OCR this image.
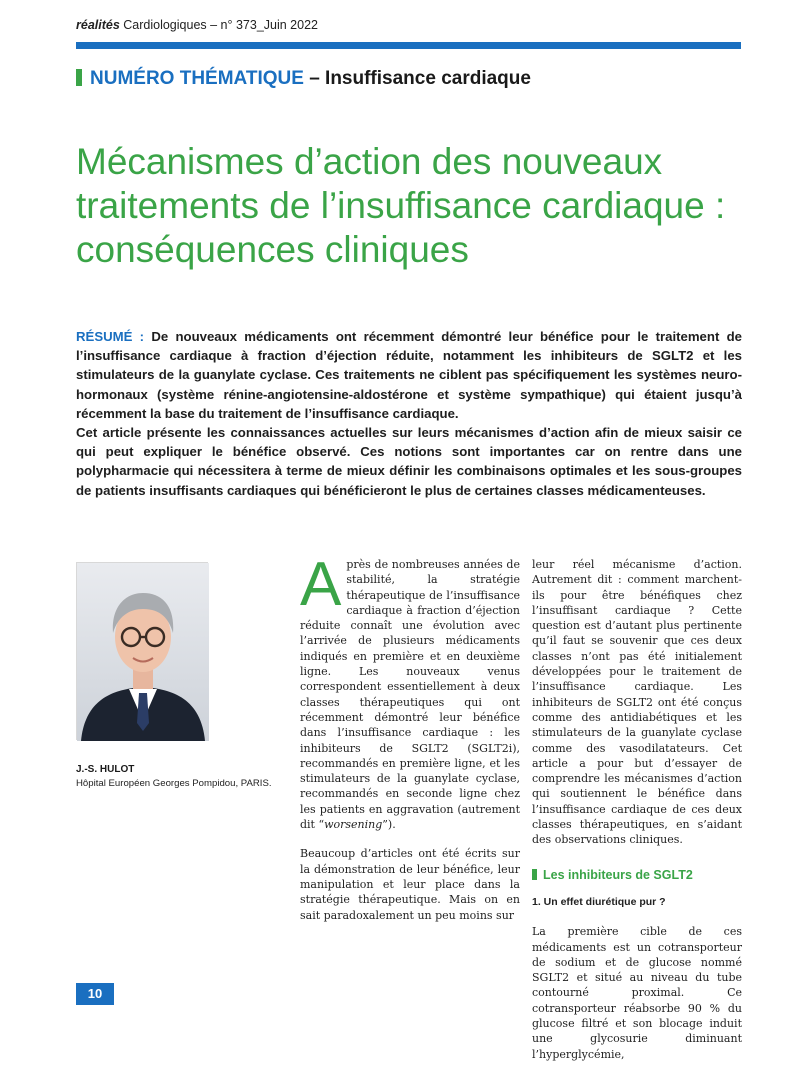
réalités Cardiologiques – n° 373_Juin 2022
NUMÉRO THÉMATIQUE – Insuffisance cardiaque
Mécanismes d’action des nouveaux traitements de l’insuffisance cardiaque : conséquences cliniques

RÉSUMÉ : De nouveaux médicaments ont récemment démontré leur bénéfice pour le traitement de l’insuffisance cardiaque à fraction d’éjection réduite, notamment les inhibiteurs de SGLT2 et les stimulateurs de la guanylate cyclase. Ces traitements ne ciblent pas spécifiquement les systèmes neuro-hormonaux (système rénine-angiotensine-aldostérone et système sympathique) qui étaient jusqu’à récemment la base du traitement de l’insuffisance cardiaque.

Cet article présente les connaissances actuelles sur leurs mécanismes d’action afin de mieux saisir ce qui peut expliquer le bénéfice observé. Ces notions sont importantes car on rentre dans une polypharmacie qui nécessitera à terme de mieux définir les combinaisons optimales et les sous-groupes de patients insuffisants cardiaques qui bénéficieront le plus de certaines classes médicamenteuses.

J.-S. HULOT
Hôpital Européen Georges Pompidou, PARIS.

Après de nombreuses années de stabilité, la stratégie thérapeutique de l’insuffisance cardiaque à fraction d’éjection réduite connaît une évolution avec l’arrivée de plusieurs médicaments indiqués en première et en deuxième ligne. Les nouveaux venus correspondent essentiellement à deux classes thérapeutiques qui ont récemment démontré leur bénéfice dans l’insuffisance cardiaque : les inhibiteurs de SGLT2 (SGLT2i), recommandés en première ligne, et les stimulateurs de la guanylate cyclase, recommandés en seconde ligne chez les patients en aggravation (autrement dit “worsening”).

Beaucoup d’articles ont été écrits sur la démonstration de leur bénéfice, leur manipulation et leur place dans la stratégie thérapeutique. Mais on en sait paradoxalement un peu moins sur

leur réel mécanisme d’action. Autrement dit : comment marchent-ils pour être bénéfiques chez l’insuffisant cardiaque ? Cette question est d’autant plus pertinente qu’il faut se souvenir que ces deux classes n’ont pas été initialement développées pour le traitement de l’insuffisance cardiaque. Les inhibiteurs de SGLT2 ont été conçus comme des antidiabétiques et les stimulateurs de la guanylate cyclase comme des vasodilatateurs. Cet article a pour but d’essayer de comprendre les mécanismes d’action qui soutiennent le bénéfice dans l’insuffisance cardiaque de ces deux classes thérapeutiques, en s’aidant des observations cliniques.

Les inhibiteurs de SGLT2
1. Un effet diurétique pur ?

La première cible de ces médicaments est un cotransporteur de sodium et de glucose nommé SGLT2 et situé au niveau du tube contourné proximal. Ce cotransporteur réabsorbe 90 % du glucose filtré et son blocage induit une glycosurie diminuant l’hyperglycémie,

10
